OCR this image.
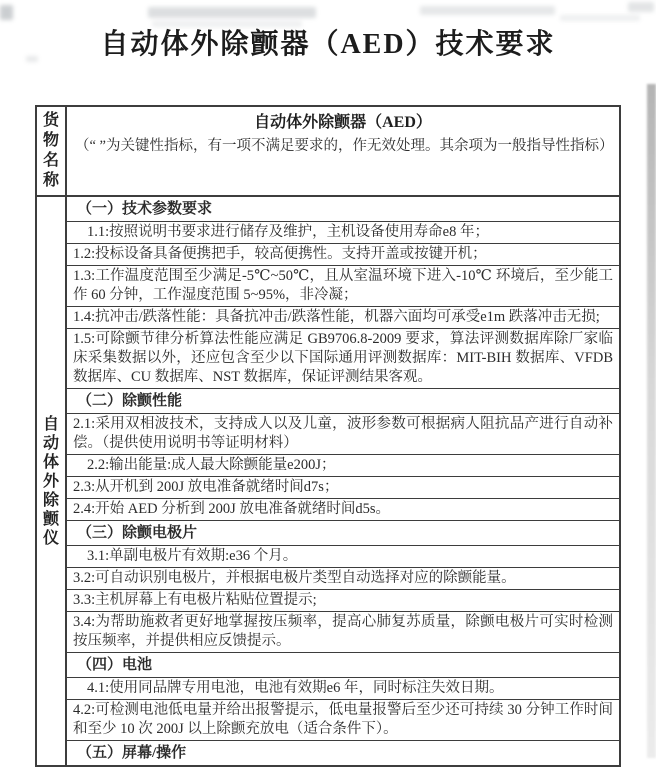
自动体外除颤器（AED）技术要求
货物名称
自动体外除颤器（AED）
（“ ”为关键性指标，有一项不满足要求的，作无效处理。其余项为一般指导性指标）
自动体外除颤仪
（一）技术参数要求
1.1:按照说明书要求进行储存及维护，主机设备使用寿命e8 年；
1.2:投标设备具备便携把手，较高便携性。支持开盖或按键开机；
1.3:工作温度范围至少满足-5℃~50℃，且从室温环境下进入-10℃ 环境后，至少能工作 60 分钟，工作湿度范围 5~95%，非冷凝；
1.4:抗冲击/跌落性能：具备抗冲击/跌落性能，机器六面均可承受e1m 跌落冲击无损;
1.5:可除颤节律分析算法性能应满足 GB9706.8-2009 要求，算法评测数据库除厂家临床采集数据以外，还应包含至少以下国际通用评测数据库：MIT-BIH 数据库、VFDB 数据库、CU 数据库、NST 数据库，保证评测结果客观。
（二）除颤性能
2.1:采用双相波技术，支持成人以及儿童，波形参数可根据病人阻抗品产进行自动补偿。（提供使用说明书等证明材料）
2.2:输出能量:成人最大除颤能量e200J；
2.3:从开机到 200J 放电准备就绪时间d7s；
2.4:开始 AED 分析到 200J 放电准备就绪时间d5s。
（三）除颤电极片
3.1:单副电极片有效期:e36 个月。
3.2:可自动识别电极片，并根据电极片类型自动选择对应的除颤能量。
3.3:主机屏幕上有电极片粘贴位置提示;
3.4:为帮助施救者更好地掌握按压频率，提高心肺复苏质量，除颤电极片可实时检测按压频率，并提供相应反馈提示。
（四）电池
4.1:使用同品牌专用电池，电池有效期e6 年，同时标注失效日期。
4.2:可检测电池低电量并给出报警提示，低电量报警后至少还可持续 30 分钟工作时间和至少 10 次 200J 以上除颤充放电（适合条件下）。
（五）屏幕/操作
